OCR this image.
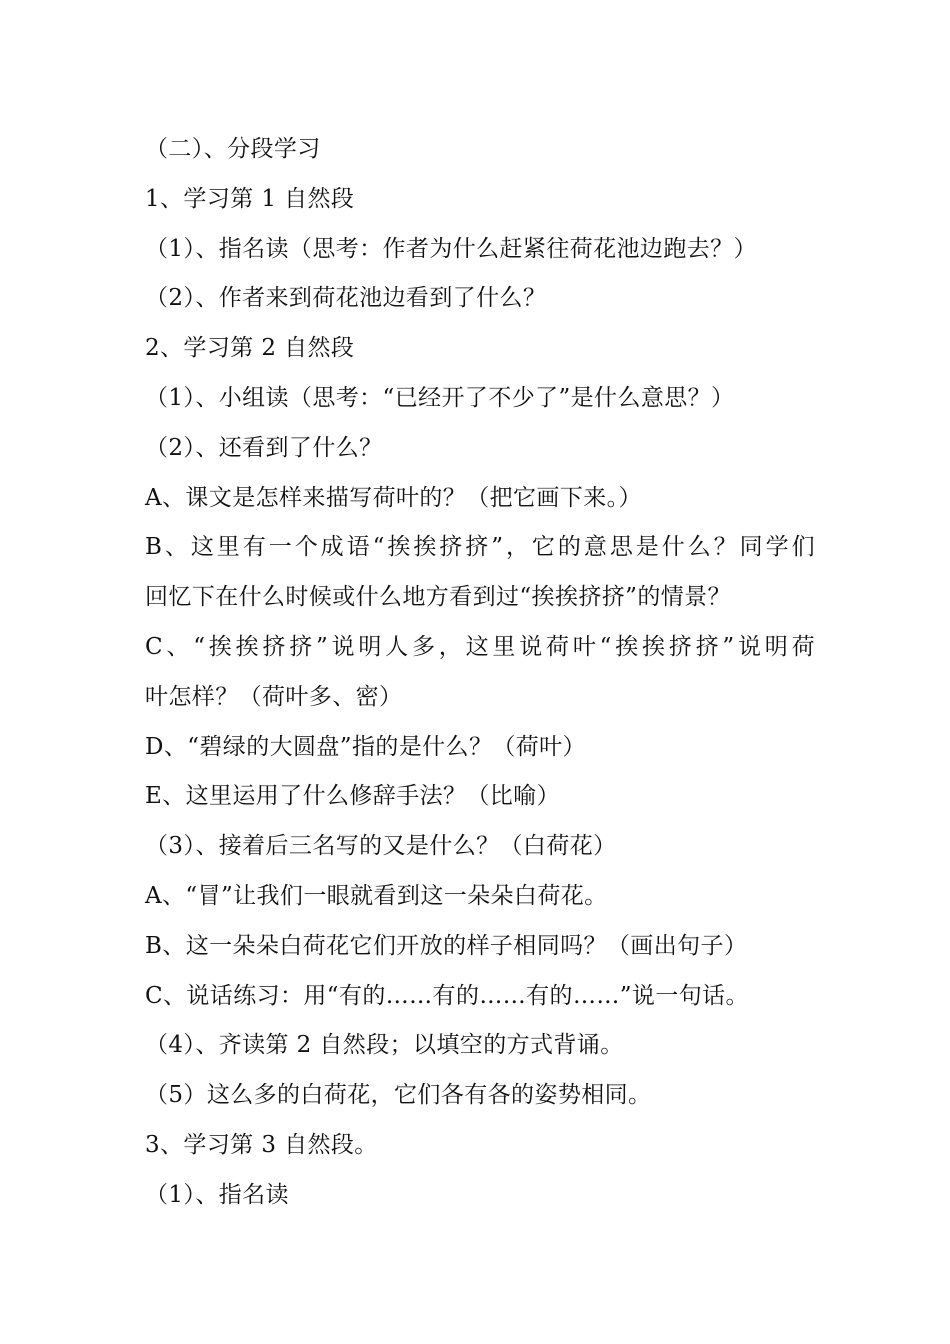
（二）、分段学习
1、学习第 1 自然段
（1）、指名读（思考：作者为什么赶紧往荷花池边跑去？）
（2）、作者来到荷花池边看到了什么？
2、学习第 2 自然段
（1）、小组读（思考：“已经开了不少了”是什么意思？）
（2）、还看到了什么？
A、课文是怎样来描写荷叶的？（把它画下来。）
B、这里有一个成语“挨挨挤挤”，它的意思是什么？同学们
回忆下在什么时候或什么地方看到过“挨挨挤挤”的情景？
C、“挨挨挤挤”说明人多，这里说荷叶“挨挨挤挤”说明荷
叶怎样？（荷叶多、密）
D、“碧绿的大圆盘”指的是什么？（荷叶）
E、这里运用了什么修辞手法？（比喻）
（3）、接着后三名写的又是什么？（白荷花）
A、“冒”让我们一眼就看到这一朵朵白荷花。
B、这一朵朵白荷花它们开放的样子相同吗？（画出句子）
C、说话练习：用“有的……有的……有的……”说一句话。
（4）、齐读第 2 自然段；以填空的方式背诵。
（5）这么多的白荷花，它们各有各的姿势相同。
3、学习第 3 自然段。
（1）、指名读
